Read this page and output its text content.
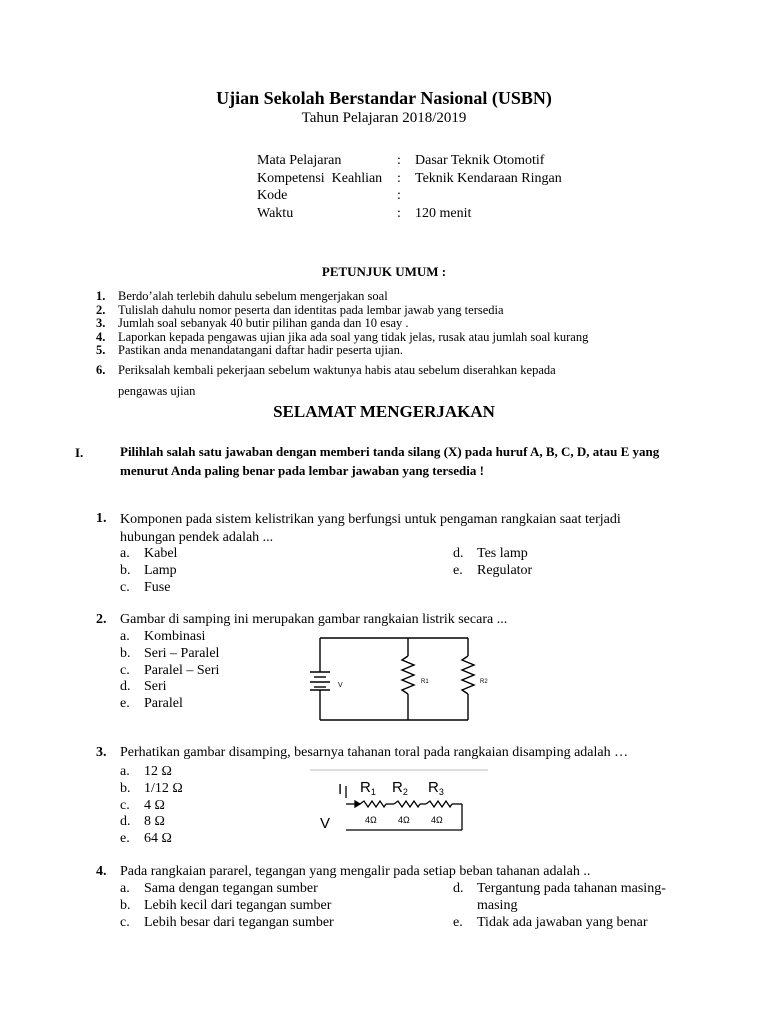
Ujian Sekolah Berstandar Nasional (USBN)
Tahun Pelajaran 2018/2019
Mata Pelajaran	:	Dasar Teknik Otomotif
Kompetensi  Keahlian	:	Teknik Kendaraan Ringan
Kode	:
Waktu	:	120 menit
PETUNJUK UMUM :
1.	Berdo’alah terlebih dahulu sebelum mengerjakan soal
2.	Tulislah dahulu nomor peserta dan identitas pada lembar jawab yang tersedia
3.	Jumlah soal sebanyak 40 butir pilihan ganda dan 10 esay .
4.	Laporkan kepada pengawas ujian jika ada soal yang tidak jelas, rusak atau jumlah soal kurang
5.	Pastikan anda menandatangani daftar hadir peserta ujian.
6.	Periksalah kembali pekerjaan sebelum waktunya habis atau sebelum diserahkan kepada
pengawas ujian
SELAMAT MENGERJAKAN
I.	Pilihlah salah satu jawaban dengan memberi tanda silang (X) pada huruf A, B, C, D, atau E yang menurut Anda paling benar pada lembar jawaban yang tersedia !
1. Komponen pada sistem kelistrikan yang berfungsi untuk pengaman rangkaian saat terjadi
hubungan pendek adalah ...
a. Kabel
b. Lamp
c. Fuse
d. Tes lamp
e. Regulator
2. Gambar di samping ini merupakan gambar rangkaian listrik secara ...
a. Kombinasi
b. Seri – Paralel
c. Paralel – Seri
d. Seri
e. Paralel
V	R1	R2
3. Perhatikan gambar disamping, besarnya tahanan toral pada rangkaian disamping adalah …
a. 12 Ω
b. 1/12 Ω
c. 4 Ω
d. 8 Ω
e. 64 Ω
I
V
$R_1$ $R_2$ $R_3$
4Ω 4Ω 4Ω
4. Pada rangkaian pararel, tegangan yang mengalir pada setiap beban tahanan adalah ..
a. Sama dengan tegangan sumber
b. Lebih kecil dari tegangan sumber
c. Lebih besar dari tegangan sumber
d. Tergantung pada tahanan masing-
masing
e. Tidak ada jawaban yang benar
